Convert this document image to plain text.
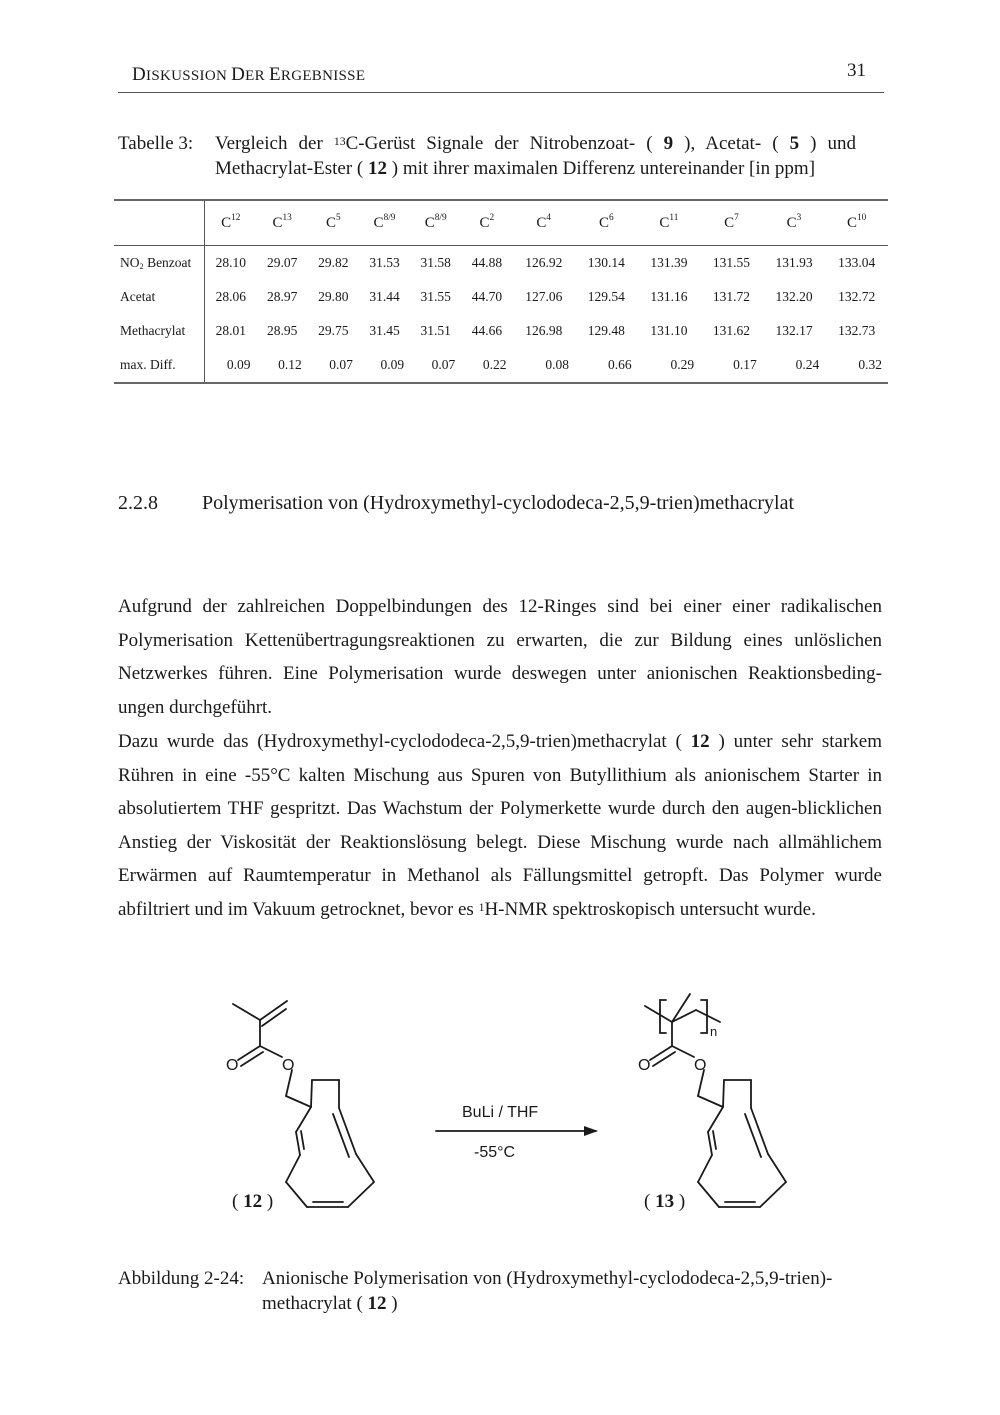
DISKUSSION DER ERGEBNISSE	31
Tabelle 3: Vergleich der $^{13}$C-Gerüst Signale der Nitrobenzoat- ( 9 ), Acetat- ( 5 ) und Methacrylat-Ester ( 12 ) mit ihrer maximalen Differenz untereinander [in ppm]
	$C^{12}$	$C^{13}$	$C^5$	$C^{8/9}$	$C^{8/9}$	$C^2$	$C^4$	$C^6$	$C^{11}$	$C^7$	$C^3$	$C^{10}$
NO2 Benzoat	28.10	29.07	29.82	31.53	31.58	44.88	126.92	130.14	131.39	131.55	131.93	133.04
Acetat	28.06	28.97	29.80	31.44	31.55	44.70	127.06	129.54	131.16	131.72	132.20	132.72
Methacrylat	28.01	28.95	29.75	31.45	31.51	44.66	126.98	129.48	131.10	131.62	132.17	132.73
max. Diff.	0.09	0.12	0.07	0.09	0.07	0.22	0.08	0.66	0.29	0.17	0.24	0.32
2.2.8 Polymerisation von (Hydroxymethyl-cyclododeca-2,5,9-trien)methacrylat
Aufgrund der zahlreichen Doppelbindungen des 12-Ringes sind bei einer einer radikalischen Polymerisation Kettenübertragungsreaktionen zu erwarten, die zur Bildung eines unlöslichen Netzwerkes führen. Eine Polymerisation wurde deswegen unter anionischen Reaktionsbeding-ungen durchgeführt.
Dazu wurde das (Hydroxymethyl-cyclododeca-2,5,9-trien)methacrylat ( 12 ) unter sehr starkem Rühren in eine -55°C kalten Mischung aus Spuren von Butyllithium als anionischem Starter in absolutiertem THF gespritzt. Das Wachstum der Polymerkette wurde durch den augen-blicklichen Anstieg der Viskosität der Reaktionslösung belegt. Diese Mischung wurde nach allmählichem Erwärmen auf Raumtemperatur in Methanol als Fällungsmittel getropft. Das Polymer wurde abfiltriert und im Vakuum getrocknet, bevor es $^1$H-NMR spektroskopisch untersucht wurde.
O	O	O	O
n
BuLi / THF
-55°C
( 12 )	( 13 )
Abbildung 2-24: Anionische Polymerisation von (Hydroxymethyl-cyclododeca-2,5,9-trien)-
methacrylat ( 12 )
